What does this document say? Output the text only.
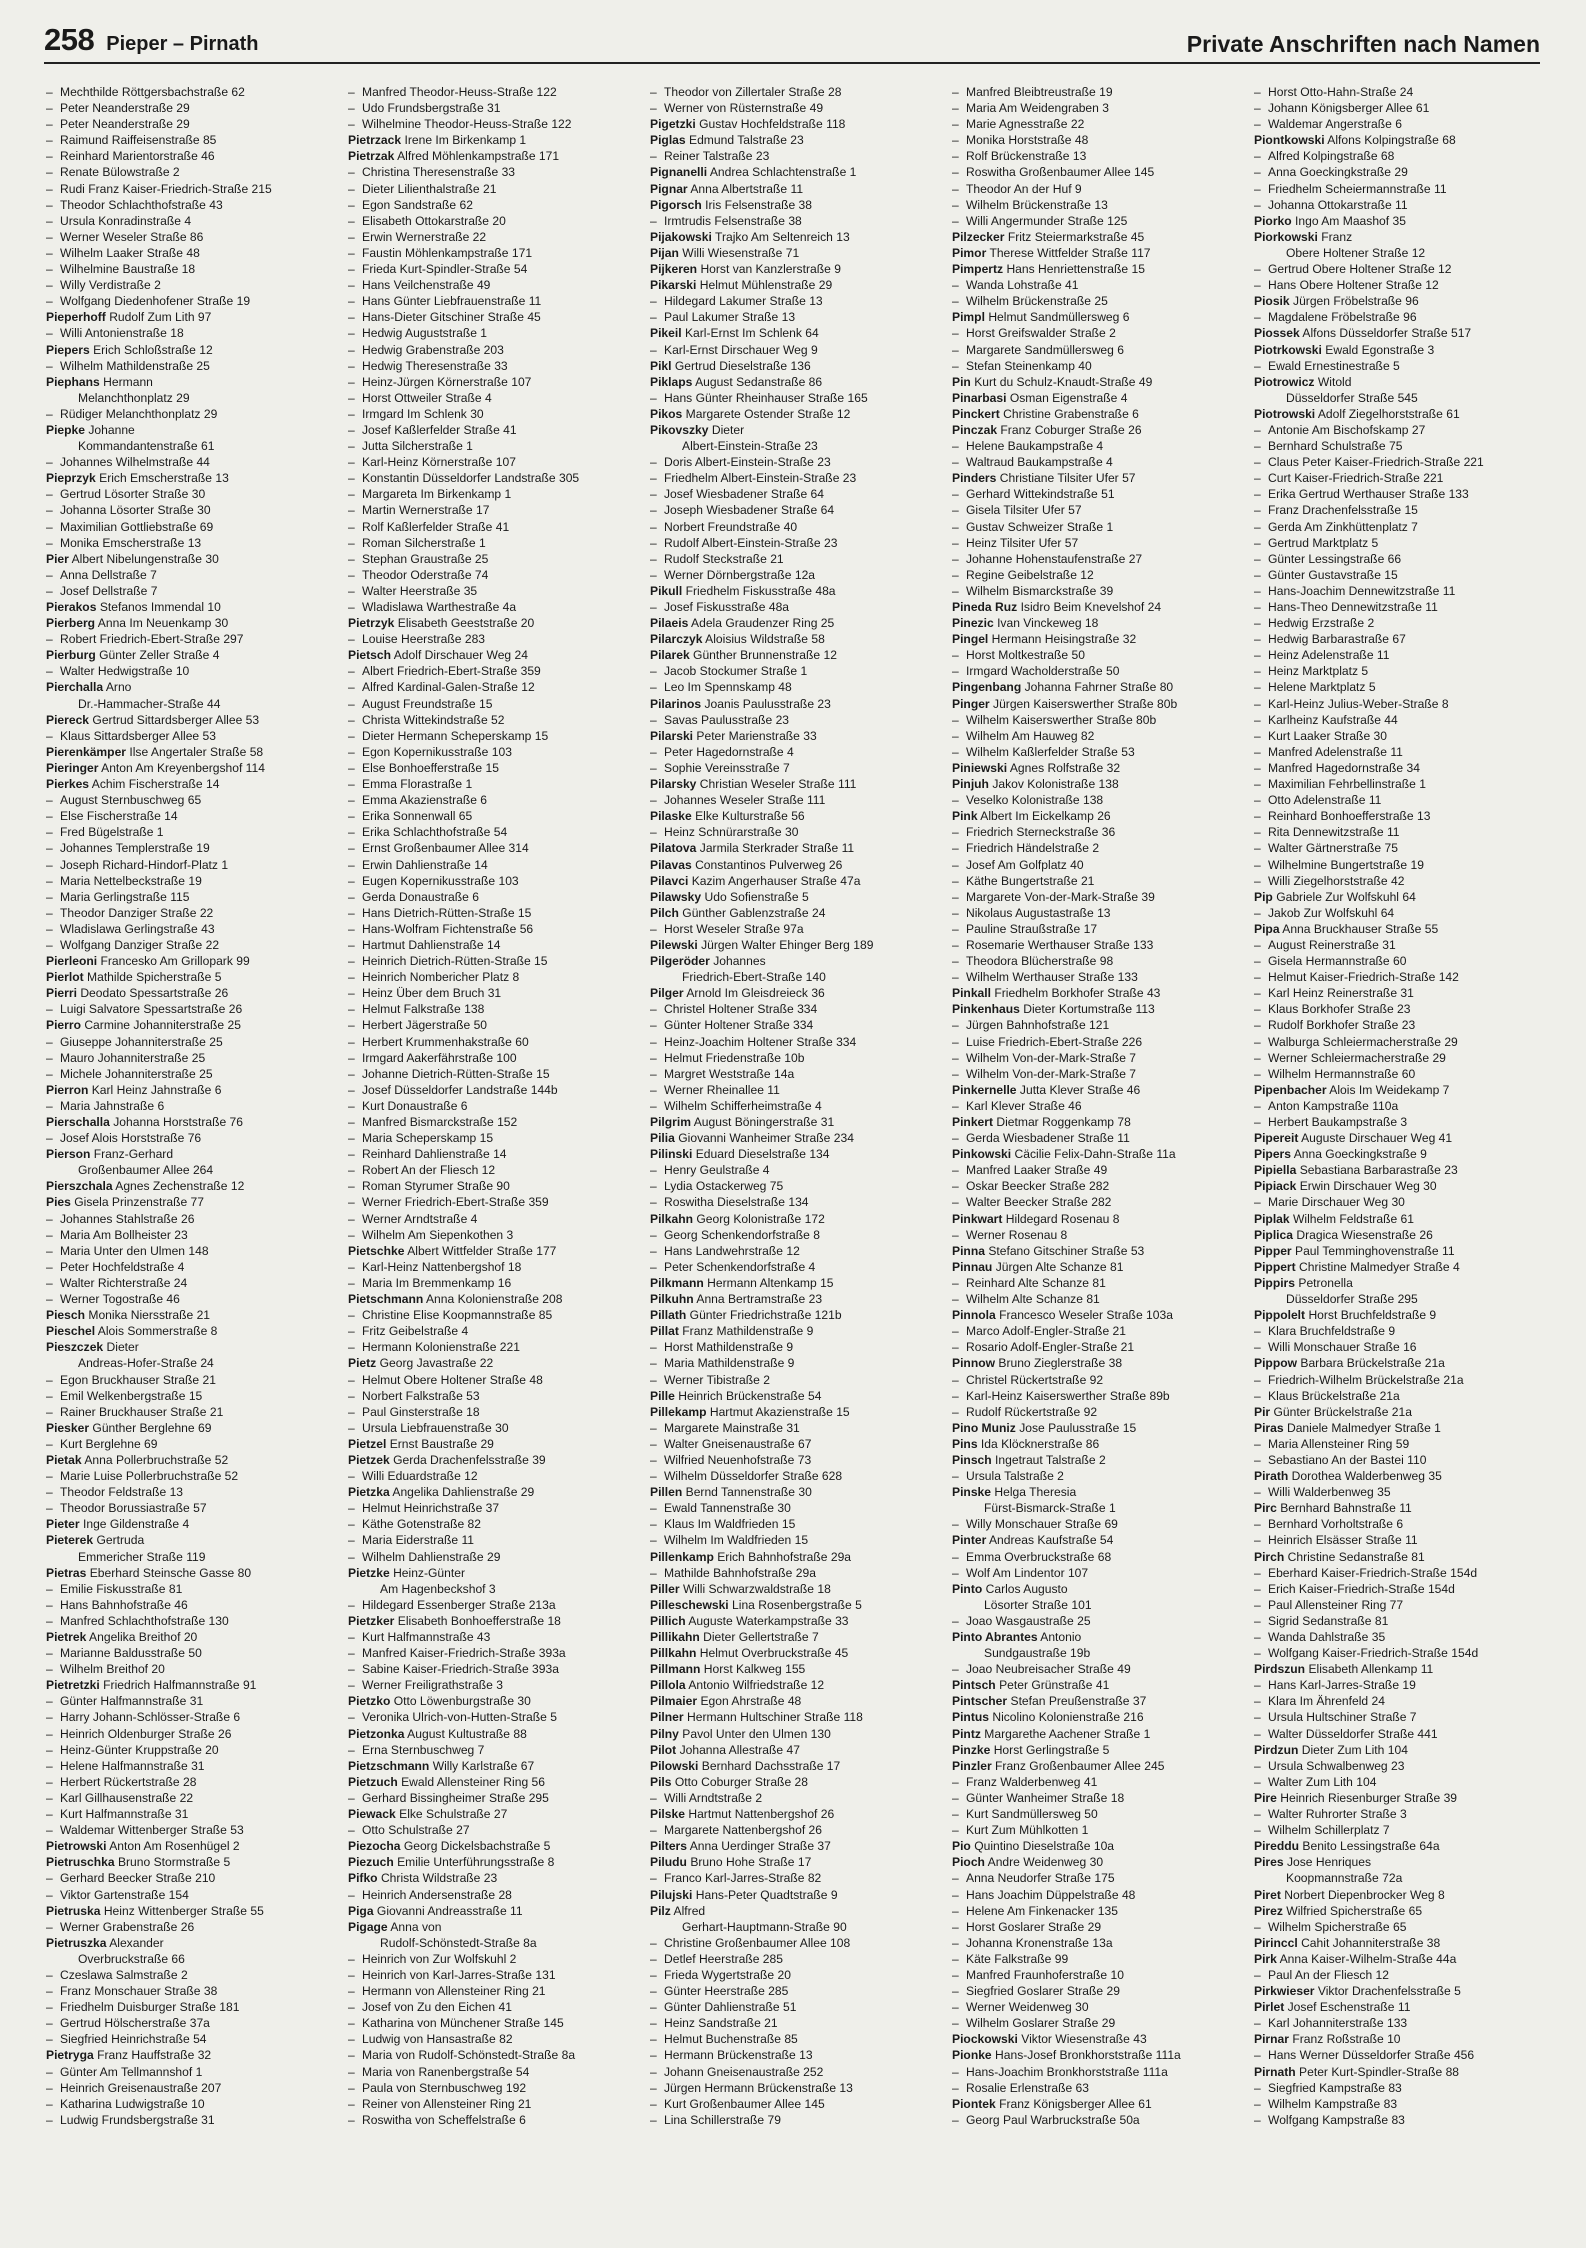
258 Pieper – Pirnath	Private Anschriften nach Namen
– Mechthilde Röttgersbachstraße 62
– Peter Neanderstraße 29
– Peter Neanderstraße 29
– Raimund Raiffeisenstraße 85
– Reinhard Marientorstraße 46
– Renate Bülowstraße 2
– Rudi Franz Kaiser-Friedrich-Straße 215
– Theodor Schlachthofstraße 43
– Ursula Konradinstraße 4
– Werner Weseler Straße 86
– Wilhelm Laaker Straße 48
– Wilhelmine Baustraße 18
– Willy Verdistraße 2
– Wolfgang Diedenhofener Straße 19
Pieperhoff Rudolf Zum Lith 97
– Willi Antonienstraße 18
Piepers Erich Schloßstraße 12
– Wilhelm Mathildenstraße 25
Piephans Hermann
Melanchthonplatz 29
– Rüdiger Melanchthonplatz 29
Piepke Johanne
Kommandantenstraße 61
– Johannes Wilhelmstraße 44
Pieprzyk Erich Emscherstraße 13
– Gertrud Lösorter Straße 30
– Johanna Lösorter Straße 30
– Maximilian Gottliebstraße 69
– Monika Emscherstraße 13
Pier Albert Nibelungenstraße 30
– Anna Dellstraße 7
– Josef Dellstraße 7
Pierakos Stefanos Immendal 10
Pierberg Anna Im Neuenkamp 30
– Robert Friedrich-Ebert-Straße 297
Pierburg Günter Zeller Straße 4
– Walter Hedwigstraße 10
Pierchalla Arno
Dr.-Hammacher-Straße 44
Piereck Gertrud Sittardsberger Allee 53
– Klaus Sittardsberger Allee 53
Pierenkämper Ilse Angertaler Straße 58
Pieringer Anton Am Kreyenbergshof 114
Pierkes Achim Fischerstraße 14
– August Sternbuschweg 65
– Else Fischerstraße 14
– Fred Bügelstraße 1
– Johannes Templerstraße 19
– Joseph Richard-Hindorf-Platz 1
– Maria Nettelbeckstraße 19
– Maria Gerlingstraße 115
– Theodor Danziger Straße 22
– Wladislawa Gerlingstraße 43
– Wolfgang Danziger Straße 22
Pierleoni Francesko Am Grillopark 99
Pierlot Mathilde Spicherstraße 5
Pierri Deodato Spessartstraße 26
– Luigi Salvatore Spessartstraße 26
Pierro Carmine Johanniterstraße 25
– Giuseppe Johanniterstraße 25
– Mauro Johanniterstraße 25
– Michele Johanniterstraße 25
Pierron Karl Heinz Jahnstraße 6
– Maria Jahnstraße 6
Pierschalla Johanna Horststraße 76
– Josef Alois Horststraße 76
Pierson Franz-Gerhard
Großenbaumer Allee 264
Pierszchala Agnes Zechenstraße 12
Pies Gisela Prinzenstraße 77
– Johannes Stahlstraße 26
– Maria Am Bollheister 23
– Maria Unter den Ulmen 148
– Peter Hochfeldstraße 4
– Walter Richterstraße 24
– Werner Togostraße 46
Piesch Monika Niersstraße 21
Pieschel Alois Sommerstraße 8
Pieszczek Dieter
Andreas-Hofer-Straße 24
– Egon Bruckhauser Straße 21
– Emil Welkenbergstraße 15
– Rainer Bruckhauser Straße 21
Piesker Günther Berglehne 69
– Kurt Berglehne 69
Pietak Anna Pollerbruchstraße 52
– Marie Luise Pollerbruchstraße 52
– Theodor Feldstraße 13
– Theodor Borussiastraße 57
Pieter Inge Gildenstraße 4
Pieterek Gertruda
Emmericher Straße 119
Pietras Eberhard Steinsche Gasse 80
– Emilie Fiskusstraße 81
– Hans Bahnhofstraße 46
– Manfred Schlachthofstraße 130
Pietrek Angelika Breithof 20
– Marianne Baldusstraße 50
– Wilhelm Breithof 20
Pietretzki Friedrich Halfmannstraße 91
– Günter Halfmannstraße 31
– Harry Johann-Schlösser-Straße 6
– Heinrich Oldenburger Straße 26
– Heinz-Günter Kruppstraße 20
– Helene Halfmannstraße 31
– Herbert Rückertstraße 28
– Karl Gillhausenstraße 22
– Kurt Halfmannstraße 31
– Waldemar Wittenberger Straße 53
Pietrowski Anton Am Rosenhügel 2
Pietruschka Bruno Stormstraße 5
– Gerhard Beecker Straße 210
– Viktor Gartenstraße 154
Pietruska Heinz Wittenberger Straße 55
– Werner Grabenstraße 26
Pietruszka Alexander
Overbruckstraße 66
– Czeslawa Salmstraße 2
– Franz Monschauer Straße 38
– Friedhelm Duisburger Straße 181
– Gertrud Hölscherstraße 37a
– Siegfried Heinrichstraße 54
Pietryga Franz Hauffstraße 32
– Günter Am Tellmannshof 1
– Heinrich Greisenaustraße 207
– Katharina Ludwigstraße 10
– Ludwig Frundsbergstraße 31
– Manfred Theodor-Heuss-Straße 122
– Udo Frundsbergstraße 31
– Wilhelmine Theodor-Heuss-Straße 122
Pietrzack Irene Im Birkenkamp 1
Pietrzak Alfred Möhlenkampstraße 171
– Christina Theresenstraße 33
– Dieter Lilienthalstraße 21
– Egon Sandstraße 62
– Elisabeth Ottokarstraße 20
– Erwin Wernerstraße 22
– Faustin Möhlenkampstraße 171
– Frieda Kurt-Spindler-Straße 54
– Hans Veilchenstraße 49
– Hans Günter Liebfrauenstraße 11
– Hans-Dieter Gitschiner Straße 45
– Hedwig Auguststraße 1
– Hedwig Grabenstraße 203
– Hedwig Theresenstraße 33
– Heinz-Jürgen Körnerstraße 107
– Horst Ottweiler Straße 4
– Irmgard Im Schlenk 30
– Josef Kaßlerfelder Straße 41
– Jutta Silcherstraße 1
– Karl-Heinz Körnerstraße 107
– Konstantin Düsseldorfer Landstraße 305
– Margareta Im Birkenkamp 1
– Martin Wernerstraße 17
– Rolf Kaßlerfelder Straße 41
– Roman Silcherstraße 1
– Stephan Graustraße 25
– Theodor Oderstraße 74
– Walter Heerstraße 35
– Wladislawa Warthestraße 4a
Pietrzyk Elisabeth Geeststraße 20
– Louise Heerstraße 283
Pietsch Adolf Dirschauer Weg 24
– Albert Friedrich-Ebert-Straße 359
– Alfred Kardinal-Galen-Straße 12
– August Freundstraße 15
– Christa Wittekindstraße 52
– Dieter Hermann Scheperskamp 15
– Egon Kopernikusstraße 103
– Else Bonhoefferstraße 15
– Emma Florastraße 1
– Emma Akazienstraße 6
– Erika Sonnenwall 65
– Erika Schlachthofstraße 54
– Ernst Großenbaumer Allee 314
– Erwin Dahlienstraße 14
– Eugen Kopernikusstraße 103
– Gerda Donaustraße 6
– Hans Dietrich-Rütten-Straße 15
– Hans-Wolfram Fichtenstraße 56
– Hartmut Dahlienstraße 14
– Heinrich Dietrich-Rütten-Straße 15
– Heinrich Nombericher Platz 8
– Heinz Über dem Bruch 31
– Helmut Falkstraße 138
– Herbert Jägerstraße 50
– Herbert Krummenhakstraße 60
– Irmgard Aakerfährstraße 100
– Johanne Dietrich-Rütten-Straße 15
– Josef Düsseldorfer Landstraße 144b
– Kurt Donaustraße 6
– Manfred Bismarckstraße 152
– Maria Scheperskamp 15
– Reinhard Dahlienstraße 14
– Robert An der Fliesch 12
– Roman Styrumer Straße 90
– Werner Friedrich-Ebert-Straße 359
– Werner Arndtstraße 4
– Wilhelm Am Siepenkothen 3
Pietschke Albert Wittfelder Straße 177
– Karl-Heinz Nattenbergshof 18
– Maria Im Bremmenkamp 16
Pietschmann Anna Kolonienstraße 208
– Christine Elise Koopmannstraße 85
– Fritz Geibelstraße 4
– Hermann Kolonienstraße 221
Pietz Georg Javastraße 22
– Helmut Obere Holtener Straße 48
– Norbert Falkstraße 53
– Paul Ginsterstraße 18
– Ursula Liebfrauenstraße 30
Pietzel Ernst Baustraße 29
Pietzek Gerda Drachenfelsstraße 39
– Willi Eduardstraße 12
Pietzka Angelika Dahlienstraße 29
– Helmut Heinrichstraße 37
– Käthe Gotenstraße 82
– Maria Eiderstraße 11
– Wilhelm Dahlienstraße 29
Pietzke Heinz-Günter
Am Hagenbeckshof 3
– Hildegard Essenberger Straße 213a
Pietzker Elisabeth Bonhoefferstraße 18
– Kurt Halfmannstraße 43
– Manfred Kaiser-Friedrich-Straße 393a
– Sabine Kaiser-Friedrich-Straße 393a
– Werner Freiligrathstraße 3
Pietzko Otto Löwenburgstraße 30
– Veronika Ulrich-von-Hutten-Straße 5
Pietzonka August Kultustraße 88
– Erna Sternbuschweg 7
Pietzschmann Willy Karlstraße 67
Pietzuch Ewald Allensteiner Ring 56
– Gerhard Bissingheimer Straße 295
Piewack Elke Schulstraße 27
– Otto Schulstraße 27
Piezocha Georg Dickelsbachstraße 5
Piezuch Emilie Unterführungsstraße 8
Pifko Christa Wildstraße 23
– Heinrich Andersenstraße 28
Piga Giovanni Andreasstraße 11
Pigage Anna von
Rudolf-Schönstedt-Straße 8a
– Heinrich von Zur Wolfskuhl 2
– Heinrich von Karl-Jarres-Straße 131
– Hermann von Allensteiner Ring 21
– Josef von Zu den Eichen 41
– Katharina von Münchener Straße 145
– Ludwig von Hansastraße 82
– Maria von Rudolf-Schönstedt-Straße 8a
– Maria von Ranenbergstraße 54
– Paula von Sternbuschweg 192
– Reiner von Allensteiner Ring 21
– Roswitha von Scheffelstraße 6
– Theodor von Zillertaler Straße 28
– Werner von Rüsternstraße 49
Pigetzki Gustav Hochfeldstraße 118
Piglas Edmund Talstraße 23
– Reiner Talstraße 23
Pignanelli Andrea Schlachtenstraße 1
Pignar Anna Albertstraße 11
Pigorsch Iris Felsenstraße 38
– Irmtrudis Felsenstraße 38
Pijakowski Trajko Am Seltenreich 13
Pijan Willi Wiesenstraße 71
Pijkeren Horst van Kanzlerstraße 9
Pikarski Helmut Mühlenstraße 29
– Hildegard Lakumer Straße 13
– Paul Lakumer Straße 13
Pikeil Karl-Ernst Im Schlenk 64
– Karl-Ernst Dirschauer Weg 9
Pikl Gertrud Dieselstraße 136
Piklaps August Sedanstraße 86
– Hans Günter Rheinhauser Straße 165
Pikos Margarete Ostender Straße 12
Pikovszky Dieter
Albert-Einstein-Straße 23
– Doris Albert-Einstein-Straße 23
– Friedhelm Albert-Einstein-Straße 23
– Josef Wiesbadener Straße 64
– Joseph Wiesbadener Straße 64
– Norbert Freundstraße 40
– Rudolf Albert-Einstein-Straße 23
– Rudolf Steckstraße 21
– Werner Dörnbergstraße 12a
Pikull Friedhelm Fiskusstraße 48a
– Josef Fiskusstraße 48a
Pilaeis Adela Graudenzer Ring 25
Pilarczyk Aloisius Wildstraße 58
Pilarek Günther Brunnenstraße 12
– Jacob Stockumer Straße 1
– Leo Im Spennskamp 48
Pilarinos Joanis Paulusstraße 23
– Savas Paulusstraße 23
Pilarski Peter Marienstraße 33
– Peter Hagedornstraße 4
– Sophie Vereinsstraße 7
Pilarsky Christian Weseler Straße 111
– Johannes Weseler Straße 111
Pilaske Elke Kulturstraße 56
– Heinz Schnürarstraße 30
Pilatova Jarmila Sterkrader Straße 11
Pilavas Constantinos Pulverweg 26
Pilavci Kazim Angerhauser Straße 47a
Pilawsky Udo Sofienstraße 5
Pilch Günther Gablenzstraße 24
– Horst Weseler Straße 97a
Pilewski Jürgen Walter Ehinger Berg 189
Pilgeröder Johannes
Friedrich-Ebert-Straße 140
Pilger Arnold Im Gleisdreieck 36
– Christel Holtener Straße 334
– Günter Holtener Straße 334
– Heinz-Joachim Holtener Straße 334
– Helmut Friedenstraße 10b
– Margret Weststraße 14a
– Werner Rheinallee 11
– Wilhelm Schifferheimstraße 4
Pilgrim August Böningerstraße 31
Pilia Giovanni Wanheimer Straße 234
Pilinski Eduard Dieselstraße 134
– Henry Geulstraße 4
– Lydia Ostackerweg 75
– Roswitha Dieselstraße 134
Pilkahn Georg Kolonistraße 172
– Georg Schenkendorfstraße 8
– Hans Landwehrstraße 12
– Peter Schenkendorfstraße 4
Pilkmann Hermann Altenkamp 15
Pilkuhn Anna Bertramstraße 23
Pillath Günter Friedrichstraße 121b
Pillat Franz Mathildenstraße 9
– Horst Mathildenstraße 9
– Maria Mathildenstraße 9
– Werner Tibistraße 2
Pille Heinrich Brückenstraße 54
Pillekamp Hartmut Akazienstraße 15
– Margarete Mainstraße 31
– Walter Gneisenaustraße 67
– Wilfried Neuenhofstraße 73
– Wilhelm Düsseldorfer Straße 628
Pillen Bernd Tannenstraße 30
– Ewald Tannenstraße 30
– Klaus Im Waldfrieden 15
– Wilhelm Im Waldfrieden 15
Pillenkamp Erich Bahnhofstraße 29a
– Mathilde Bahnhofstraße 29a
Piller Willi Schwarzwaldstraße 18
Pilleschewski Lina Rosenbergstraße 5
Pillich Auguste Waterkampstraße 33
Pillikahn Dieter Gellertstraße 7
Pillkahn Helmut Overbruckstraße 45
Pillmann Horst Kalkweg 155
Pillola Antonio Wilfriedstraße 12
Pilmaier Egon Ahrstraße 48
Pilner Hermann Hultschiner Straße 118
Pilny Pavol Unter den Ulmen 130
Pilot Johanna Allestraße 47
Pilowski Bernhard Dachsstraße 17
Pils Otto Coburger Straße 28
– Willi Arndtstraße 2
Pilske Hartmut Nattenbergshof 26
– Margarete Nattenbergshof 26
Pilters Anna Uerdinger Straße 37
Piludu Bruno Hohe Straße 17
– Franco Karl-Jarres-Straße 82
Pilujski Hans-Peter Quadtstraße 9
Pilz Alfred
Gerhart-Hauptmann-Straße 90
– Christine Großenbaumer Allee 108
– Detlef Heerstraße 285
– Frieda Wygertstraße 20
– Günter Heerstraße 285
– Günter Dahlienstraße 51
– Heinz Sandstraße 21
– Helmut Buchenstraße 85
– Hermann Brückenstraße 13
– Johann Gneisenaustraße 252
– Jürgen Hermann Brückenstraße 13
– Kurt Großenbaumer Allee 145
– Lina Schillerstraße 79
– Manfred Bleibtreustraße 19
– Maria Am Weidengraben 3
– Marie Agnesstraße 22
– Monika Horststraße 48
– Rolf Brückenstraße 13
– Roswitha Großenbaumer Allee 145
– Theodor An der Huf 9
– Wilhelm Brückenstraße 13
– Willi Angermunder Straße 125
Pilzecker Fritz Steiermarkstraße 45
Pimor Therese Wittfelder Straße 117
Pimpertz Hans Henriettenstraße 15
– Wanda Lohstraße 41
– Wilhelm Brückenstraße 25
Pimpl Helmut Sandmüllersweg 6
– Horst Greifswalder Straße 2
– Margarete Sandmüllersweg 6
– Stefan Steinenkamp 40
Pin Kurt du Schulz-Knaudt-Straße 49
Pinarbasi Osman Eigenstraße 4
Pinckert Christine Grabenstraße 6
Pinczak Franz Coburger Straße 26
– Helene Baukampstraße 4
– Waltraud Baukampstraße 4
Pinders Christiane Tilsiter Ufer 57
– Gerhard Wittekindstraße 51
– Gisela Tilsiter Ufer 57
– Gustav Schweizer Straße 1
– Heinz Tilsiter Ufer 57
– Johanne Hohenstaufenstraße 27
– Regine Geibelstraße 12
– Wilhelm Bismarckstraße 39
Pineda Ruz Isidro Beim Knevelshof 24
Pinezic Ivan Vinckeweg 18
Pingel Hermann Heisingstraße 32
– Horst Moltkestraße 50
– Irmgard Wacholderstraße 50
Pingenbang Johanna Fahrner Straße 80
Pinger Jürgen Kaiserswerther Straße 80b
– Wilhelm Kaiserswerther Straße 80b
– Wilhelm Am Hauweg 82
– Wilhelm Kaßlerfelder Straße 53
Piniewski Agnes Rolfstraße 32
Pinjuh Jakov Kolonistraße 138
– Veselko Kolonistraße 138
Pink Albert Im Eickelkamp 26
– Friedrich Sterneckstraße 36
– Friedrich Händelstraße 2
– Josef Am Golfplatz 40
– Käthe Bungertstraße 21
– Margarete Von-der-Mark-Straße 39
– Nikolaus Augustastraße 13
– Pauline Straußstraße 17
– Rosemarie Werthauser Straße 133
– Theodora Blücherstraße 98
– Wilhelm Werthauser Straße 133
Pinkall Friedhelm Borkhofer Straße 43
Pinkenhaus Dieter Kortumstraße 113
– Jürgen Bahnhofstraße 121
– Luise Friedrich-Ebert-Straße 226
– Wilhelm Von-der-Mark-Straße 7
– Wilhelm Von-der-Mark-Straße 7
Pinkernelle Jutta Klever Straße 46
– Karl Klever Straße 46
Pinkert Dietmar Roggenkamp 78
– Gerda Wiesbadener Straße 11
Pinkowski Cäcilie Felix-Dahn-Straße 11a
– Manfred Laaker Straße 49
– Oskar Beecker Straße 282
– Walter Beecker Straße 282
Pinkwart Hildegard Rosenau 8
– Werner Rosenau 8
Pinna Stefano Gitschiner Straße 53
Pinnau Jürgen Alte Schanze 81
– Reinhard Alte Schanze 81
– Wilhelm Alte Schanze 81
Pinnola Francesco Weseler Straße 103a
– Marco Adolf-Engler-Straße 21
– Rosario Adolf-Engler-Straße 21
Pinnow Bruno Zieglerstraße 38
– Christel Rückertstraße 92
– Karl-Heinz Kaiserswerther Straße 89b
– Rudolf Rückertstraße 92
Pino Muniz Jose Paulusstraße 15
Pins Ida Klöcknerstraße 86
Pinsch Ingetraut Talstraße 2
– Ursula Talstraße 2
Pinske Helga Theresia
Fürst-Bismarck-Straße 1
– Willy Monschauer Straße 69
Pinter Andreas Kaufstraße 54
– Emma Overbruckstraße 68
– Wolf Am Lindentor 107
Pinto Carlos Augusto
Lösorter Straße 101
– Joao Wasgaustraße 25
Pinto Abrantes Antonio
Sundgaustraße 19b
– Joao Neubreisacher Straße 49
Pintsch Peter Grünstraße 41
Pintscher Stefan Preußenstraße 37
Pintus Nicolino Kolonienstraße 216
Pintz Margarethe Aachener Straße 1
Pinzke Horst Gerlingstraße 5
Pinzler Franz Großenbaumer Allee 245
– Franz Walderbenweg 41
– Günter Wanheimer Straße 18
– Kurt Sandmüllersweg 50
– Kurt Zum Mühlkotten 1
Pio Quintino Dieselstraße 10a
Pioch Andre Weidenweg 30
– Anna Neudorfer Straße 175
– Hans Joachim Düppelstraße 48
– Helene Am Finkenacker 135
– Horst Goslarer Straße 29
– Johanna Kronenstraße 13a
– Käte Falkstraße 99
– Manfred Fraunhoferstraße 10
– Siegfried Goslarer Straße 29
– Werner Weidenweg 30
– Wilhelm Goslarer Straße 29
Piockowski Viktor Wiesenstraße 43
Pionke Hans-Josef Bronkhorststraße 111a
– Hans-Joachim Bronkhorststraße 111a
– Rosalie Erlenstraße 63
Piontek Franz Königsberger Allee 61
– Georg Paul Warbruckstraße 50a
– Horst Otto-Hahn-Straße 24
– Johann Königsberger Allee 61
– Waldemar Angerstraße 6
Piontkowski Alfons Kolpingstraße 68
– Alfred Kolpingstraße 68
– Anna Goeckingkstraße 29
– Friedhelm Scheiermannstraße 11
– Johanna Ottokarstraße 11
Piorko Ingo Am Maashof 35
Piorkowski Franz
Obere Holtener Straße 12
– Gertrud Obere Holtener Straße 12
– Hans Obere Holtener Straße 12
Piosik Jürgen Fröbelstraße 96
– Magdalene Fröbelstraße 96
Piossek Alfons Düsseldorfer Straße 517
Piotrkowski Ewald Egonstraße 3
– Ewald Ernestinestraße 5
Piotrowicz Witold
Düsseldorfer Straße 545
Piotrowski Adolf Ziegelhorststraße 61
– Antonie Am Bischofskamp 27
– Bernhard Schulstraße 75
– Claus Peter Kaiser-Friedrich-Straße 221
– Curt Kaiser-Friedrich-Straße 221
– Erika Gertrud Werthauser Straße 133
– Franz Drachenfelsstraße 15
– Gerda Am Zinkhüttenplatz 7
– Gertrud Marktplatz 5
– Günter Lessingstraße 66
– Günter Gustavstraße 15
– Hans-Joachim Dennewitzstraße 11
– Hans-Theo Dennewitzstraße 11
– Hedwig Erzstraße 2
– Hedwig Barbarastraße 67
– Heinz Adelenstraße 11
– Heinz Marktplatz 5
– Helene Marktplatz 5
– Karl-Heinz Julius-Weber-Straße 8
– Karlheinz Kaufstraße 44
– Kurt Laaker Straße 30
– Manfred Adelenstraße 11
– Manfred Hagedornstraße 34
– Maximilian Fehrbellinstraße 1
– Otto Adelenstraße 11
– Reinhard Bonhoefferstraße 13
– Rita Dennewitzstraße 11
– Walter Gärtnerstraße 75
– Wilhelmine Bungertstraße 19
– Willi Ziegelhorststraße 42
Pip Gabriele Zur Wolfskuhl 64
– Jakob Zur Wolfskuhl 64
Pipa Anna Bruckhauser Straße 55
– August Reinerstraße 31
– Gisela Hermannstraße 60
– Helmut Kaiser-Friedrich-Straße 142
– Karl Heinz Reinerstraße 31
– Klaus Borkhofer Straße 23
– Rudolf Borkhofer Straße 23
– Walburga Schleiermacherstraße 29
– Werner Schleiermacherstraße 29
– Wilhelm Hermannstraße 60
Pipenbacher Alois Im Weidekamp 7
– Anton Kampstraße 110a
– Herbert Baukampstraße 3
Pipereit Auguste Dirschauer Weg 41
Pipers Anna Goeckingkstraße 9
Pipiella Sebastiana Barbarastraße 23
Pipiack Erwin Dirschauer Weg 30
– Marie Dirschauer Weg 30
Piplak Wilhelm Feldstraße 61
Piplica Dragica Wiesenstraße 26
Pipper Paul Temminghovenstraße 11
Pippert Christine Malmedyer Straße 4
Pippirs Petronella
Düsseldorfer Straße 295
Pippolelt Horst Bruchfeldstraße 9
– Klara Bruchfeldstraße 9
– Willi Monschauer Straße 16
Pippow Barbara Brückelstraße 21a
– Friedrich-Wilhelm Brückelstraße 21a
– Klaus Brückelstraße 21a
Pir Günter Brückelstraße 21a
Piras Daniele Malmedyer Straße 1
– Maria Allensteiner Ring 59
– Sebastiano An der Bastei 110
Pirath Dorothea Walderbenweg 35
– Willi Walderbenweg 35
Pirc Bernhard Bahnstraße 11
– Bernhard Vorholtstraße 6
– Heinrich Elsässer Straße 11
Pirch Christine Sedanstraße 81
– Eberhard Kaiser-Friedrich-Straße 154d
– Erich Kaiser-Friedrich-Straße 154d
– Paul Allensteiner Ring 77
– Sigrid Sedanstraße 81
– Wanda Dahlstraße 35
– Wolfgang Kaiser-Friedrich-Straße 154d
Pirdszun Elisabeth Allenkamp 11
– Hans Karl-Jarres-Straße 19
– Klara Im Ährenfeld 24
– Ursula Hultschiner Straße 7
– Walter Düsseldorfer Straße 441
Pirdzun Dieter Zum Lith 104
– Ursula Schwalbenweg 23
– Walter Zum Lith 104
Pire Heinrich Riesenburger Straße 39
– Walter Ruhrorter Straße 3
– Wilhelm Schillerplatz 7
Pireddu Benito Lessingstraße 64a
Pires Jose Henriques
Koopmannstraße 72a
Piret Norbert Diepenbrocker Weg 8
Pirez Wilfried Spicherstraße 65
– Wilhelm Spicherstraße 65
Pirinccl Cahit Johanniterstraße 38
Pirk Anna Kaiser-Wilhelm-Straße 44a
– Paul An der Fliesch 12
Pirkwieser Viktor Drachenfelsstraße 5
Pirlet Josef Eschenstraße 11
– Karl Johanniterstraße 133
Pirnar Franz Roßstraße 10
– Hans Werner Düsseldorfer Straße 456
Pirnath Peter Kurt-Spindler-Straße 88
– Siegfried Kampstraße 83
– Wilhelm Kampstraße 83
– Wolfgang Kampstraße 83
